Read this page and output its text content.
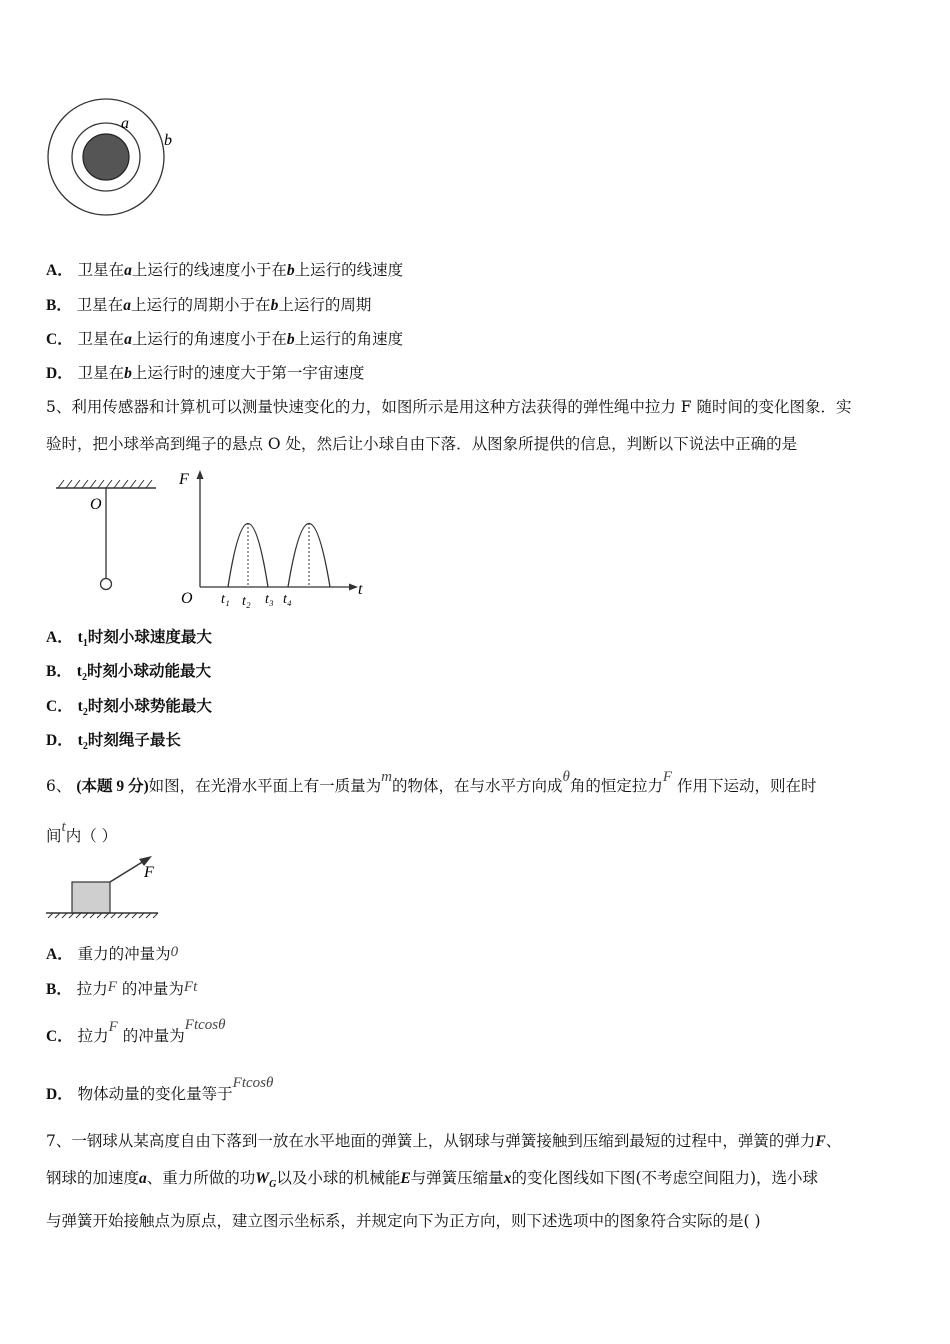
a
b
A． 卫星在a上运行的线速度小于在b上运行的线速度
B． 卫星在a上运行的周期小于在b上运行的周期
C． 卫星在a上运行的角速度小于在b上运行的角速度
D． 卫星在b上运行时的速度大于第一宇宙速度
5、利用传感器和计算机可以测量快速变化的力，如图所示是用这种方法获得的弹性绳中拉力 F 随时间的变化图象．实
验时，把小球举高到绳子的悬点 O 处，然后让小球自由下落．从图象所提供的信息，判断以下说法中正确的是
O
F
O
t
t₁ t₂ t₃ t₄
A． $t_1$时刻小球速度最大
B． $t_2$时刻小球动能最大
C． $t_2$时刻小球势能最大
D． $t_2$时刻绳子最长
6、 (本题 9 分)如图，在光滑水平面上有一质量为m的物体，在与水平方向成θ角的恒定拉力F 作用下运动，则在时
间t内（ ）
F
A． 重力的冲量为0
B． 拉力F 的冲量为Ft
C． 拉力F 的冲量为Ftcosθ
D． 物体动量的变化量等于Ftcosθ
7、一钢球从某高度自由下落到一放在水平地面的弹簧上，从钢球与弹簧接触到压缩到最短的过程中，弹簧的弹力F、
钢球的加速度a、重力所做的功$W_G$以及小球的机械能E与弹簧压缩量x的变化图线如下图(不考虑空间阻力)，选小球
与弹簧开始接触点为原点，建立图示坐标系，并规定向下为正方向，则下述选项中的图象符合实际的是( )
